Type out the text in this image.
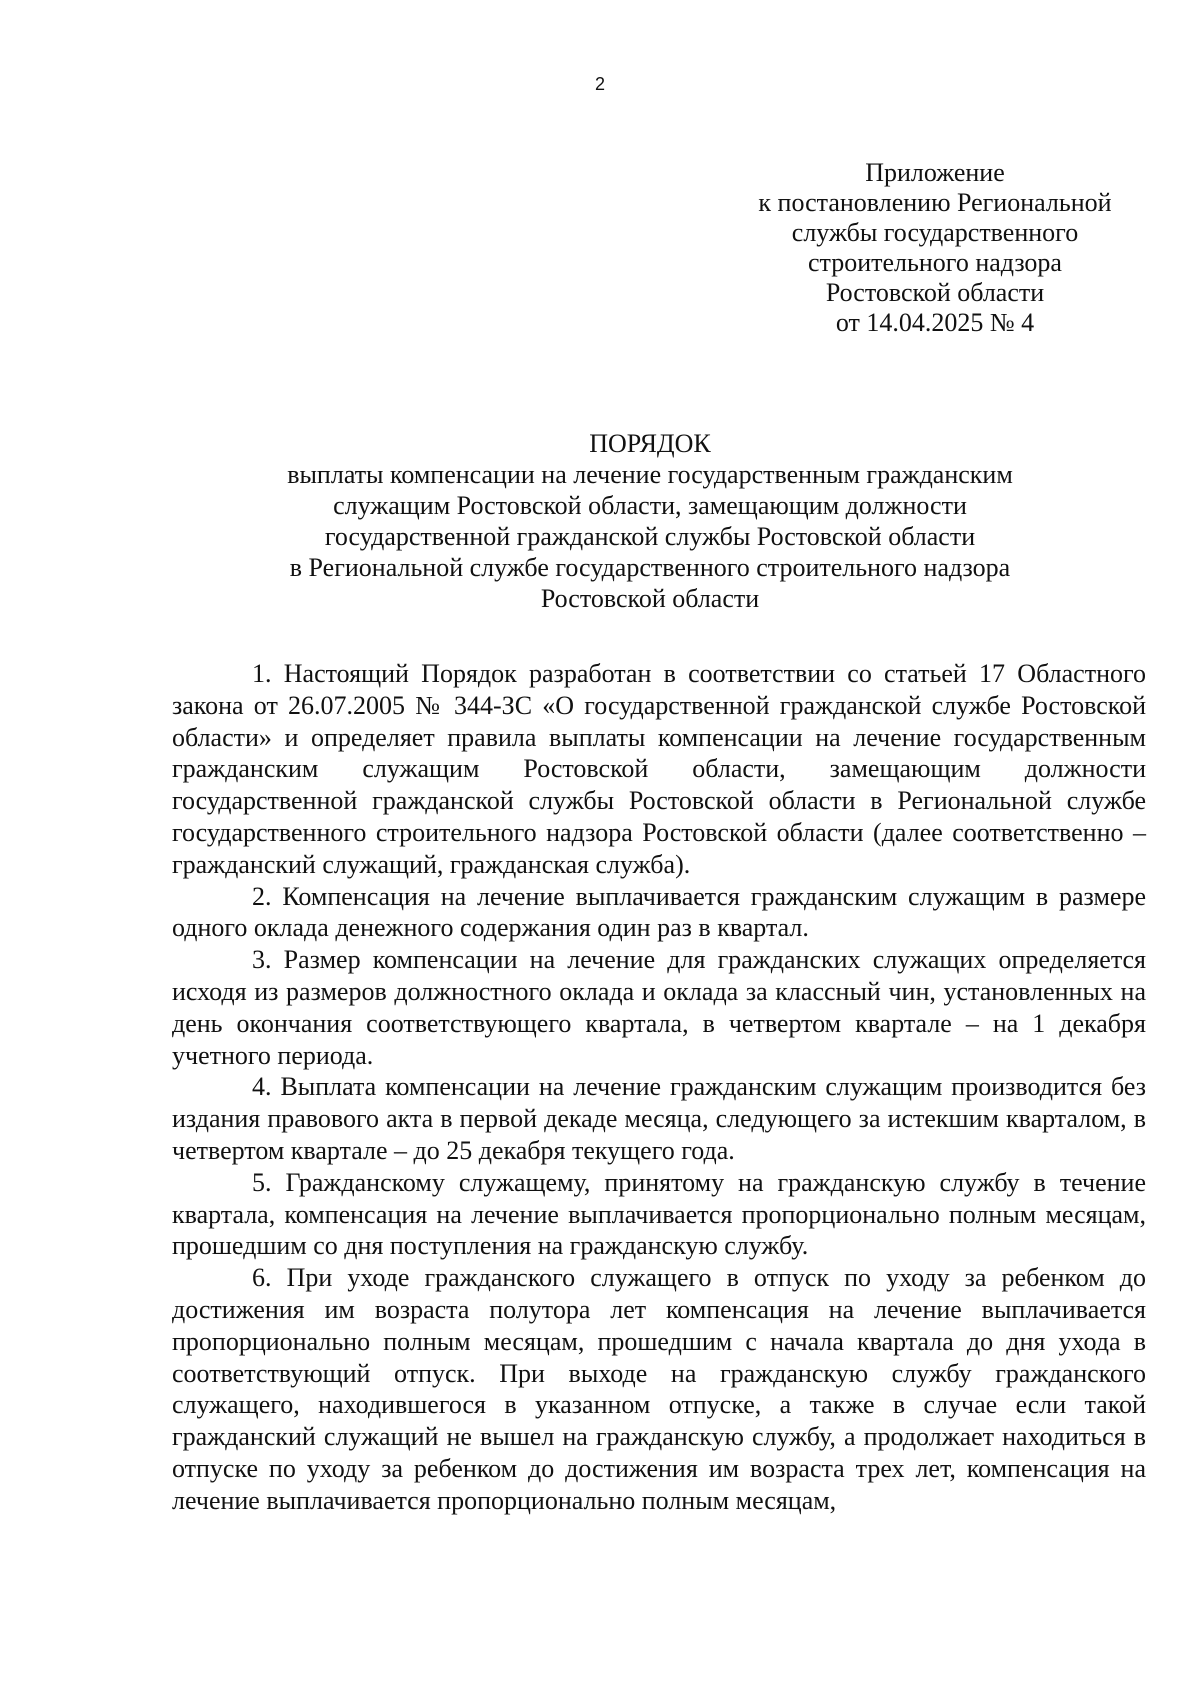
2
Приложение
к постановлению Региональной
службы государственного
строительного надзора
Ростовской области
от 14.04.2025 № 4
ПОРЯДОК
выплаты компенсации на лечение государственным гражданским
служащим Ростовской области, замещающим должности
государственной гражданской службы Ростовской области
в Региональной службе государственного строительного надзора
Ростовской области

1. Настоящий Порядок разработан в соответствии со статьей 17 Областного закона от 26.07.2005 № 344-ЗС «О государственной гражданской службе Ростовской области» и определяет правила выплаты компенсации на лечение государственным гражданским служащим Ростовской области, замещающим должности государственной гражданской службы Ростовской области в Региональной службе государственного строительного надзора Ростовской области (далее соответственно – гражданский служащий, гражданская служба).

2. Компенсация на лечение выплачивается гражданским служащим в размере одного оклада денежного содержания один раз в квартал.

3. Размер компенсации на лечение для гражданских служащих определяется исходя из размеров должностного оклада и оклада за классный чин, установленных на день окончания соответствующего квартала, в четвертом квартале – на 1 декабря учетного периода.

4. Выплата компенсации на лечение гражданским служащим производится без издания правового акта в первой декаде месяца, следующего за истекшим кварталом, в четвертом квартале – до 25 декабря текущего года.

5. Гражданскому служащему, принятому на гражданскую службу в течение квартала, компенсация на лечение выплачивается пропорционально полным месяцам, прошедшим со дня поступления на гражданскую службу.

6. При уходе гражданского служащего в отпуск по уходу за ребенком до достижения им возраста полутора лет компенсация на лечение выплачивается пропорционально полным месяцам, прошедшим с начала квартала до дня ухода в соответствующий отпуск. При выходе на гражданскую службу гражданского служащего, находившегося в указанном отпуске, а также в случае если такой гражданский служащий не вышел на гражданскую службу, а продолжает находиться в отпуске по уходу за ребенком до достижения им возраста трех лет, компенсация на лечение выплачивается пропорционально полным месяцам,
